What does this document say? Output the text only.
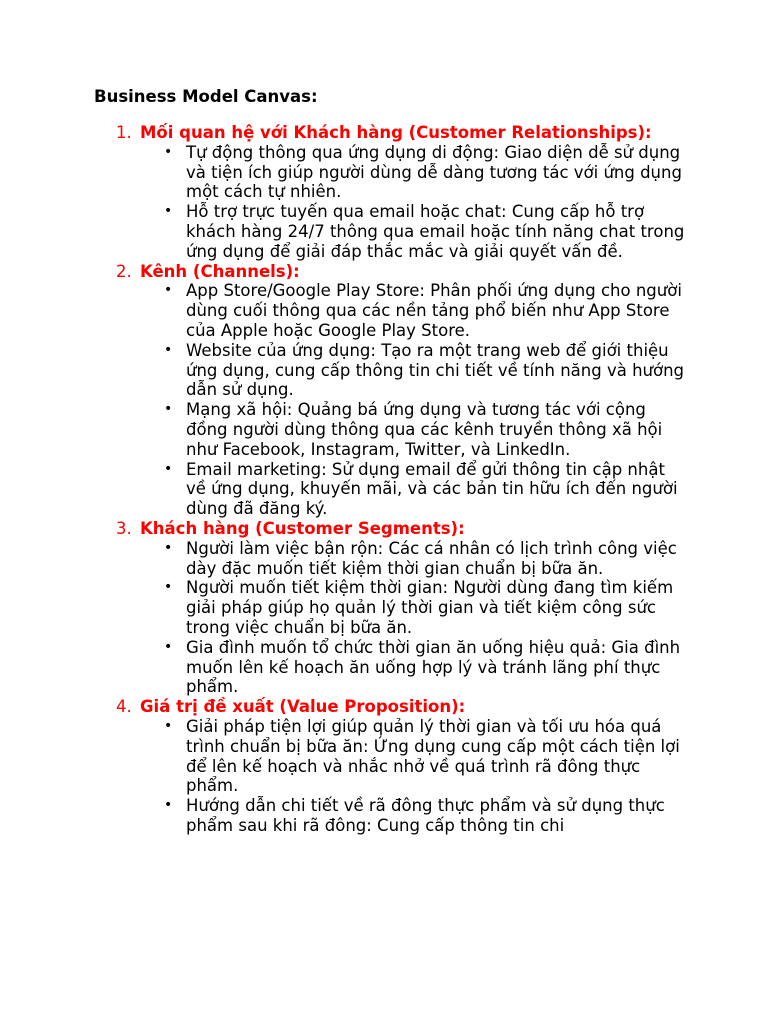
Business Model Canvas:

1. Mối quan hệ với Khách hàng (Customer Relationships):
• Tự động thông qua ứng dụng di động: Giao diện dễ sử dụng và tiện ích giúp người dùng dễ dàng tương tác với ứng dụng một cách tự nhiên.
• Hỗ trợ trực tuyến qua email hoặc chat: Cung cấp hỗ trợ khách hàng 24/7 thông qua email hoặc tính năng chat trong ứng dụng để giải đáp thắc mắc và giải quyết vấn đề.
2. Kênh (Channels):
• App Store/Google Play Store: Phân phối ứng dụng cho người dùng cuối thông qua các nền tảng phổ biến như App Store của Apple hoặc Google Play Store.
• Website của ứng dụng: Tạo ra một trang web để giới thiệu ứng dụng, cung cấp thông tin chi tiết về tính năng và hướng dẫn sử dụng.
• Mạng xã hội: Quảng bá ứng dụng và tương tác với cộng đồng người dùng thông qua các kênh truyền thông xã hội như Facebook, Instagram, Twitter, và LinkedIn.
• Email marketing: Sử dụng email để gửi thông tin cập nhật về ứng dụng, khuyến mãi, và các bản tin hữu ích đến người dùng đã đăng ký.
3. Khách hàng (Customer Segments):
• Người làm việc bận rộn: Các cá nhân có lịch trình công việc dày đặc muốn tiết kiệm thời gian chuẩn bị bữa ăn.
• Người muốn tiết kiệm thời gian: Người dùng đang tìm kiếm giải pháp giúp họ quản lý thời gian và tiết kiệm công sức trong việc chuẩn bị bữa ăn.
• Gia đình muốn tổ chức thời gian ăn uống hiệu quả: Gia đình muốn lên kế hoạch ăn uống hợp lý và tránh lãng phí thực phẩm.
4. Giá trị đề xuất (Value Proposition):
• Giải pháp tiện lợi giúp quản lý thời gian và tối ưu hóa quá trình chuẩn bị bữa ăn: Ứng dụng cung cấp một cách tiện lợi để lên kế hoạch và nhắc nhở về quá trình rã đông thực phẩm.
• Hướng dẫn chi tiết về rã đông thực phẩm và sử dụng thực phẩm sau khi rã đông: Cung cấp thông tin chi
